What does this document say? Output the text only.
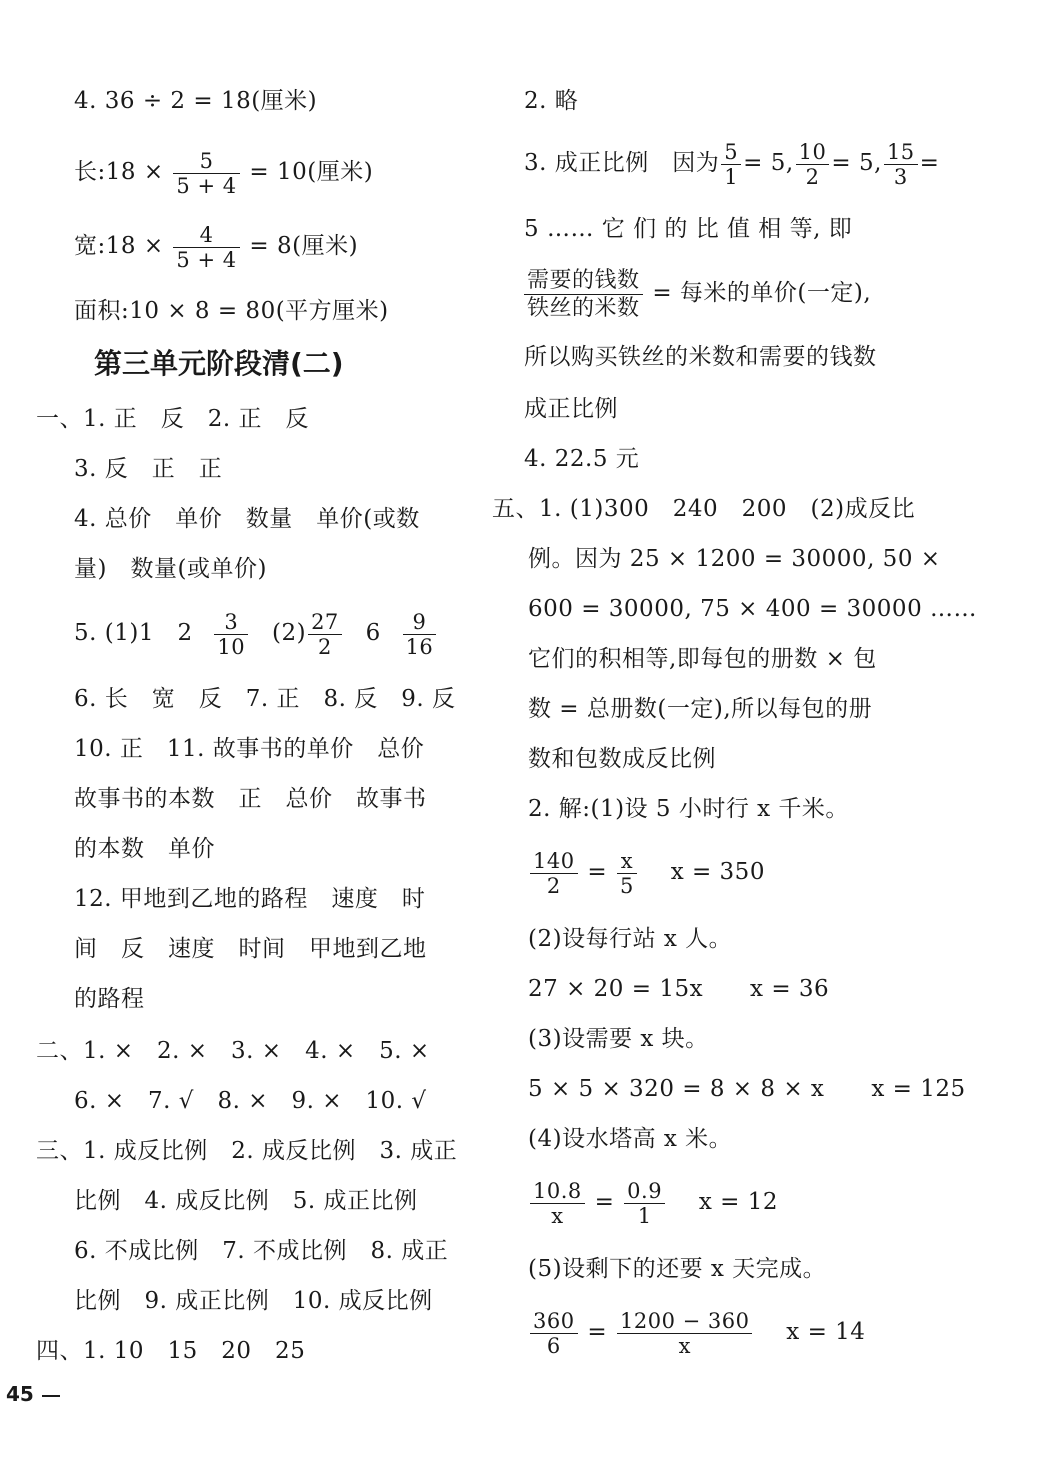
4. 36 ÷ 2 = 18(厘米)
长:18 × $\frac{5}{5 + 4} = 10$(厘米)
宽:18 × $\frac{4}{5 + 4} = 8$(厘米)
面积:10 × 8 = 80(平方厘米)
第三单元阶段清(二)
一、1. 正　反　2. 正　反
3. 反　正　正
4. 总价　单价　数量　单价(或数
量)　数量(或单价)
5. (1)1　$2 \frac{3}{10} (2) \frac{27}{2} 6 \frac{9}{16}$
6. 长　宽　反　7. 正　8. 反　9. 反
10. 正　11. 故事书的单价　总价
故事书的本数　正　总价　故事书
的本数　单价
12. 甲地到乙地的路程　速度　时
间　反　速度　时间　甲地到乙地
的路程
二、1. ×　2. ×　3. ×　4. ×　5. ×
6. ×　7. √　8. ×　9. ×　10. √
三、1. 成反比例　2. 成反比例　3. 成正
比例　4. 成反比例　5. 成正比例
6. 不成比例　7. 不成比例　8. 成正
比例　9. 成正比例　10. 成反比例
四、1. 10　15　20　25
45
2. 略
3. 成正比例　因为 $\frac{5}{1} = 5$, $\frac{10}{2} = 5$, $\frac{15}{3}$ =
5 …… 它 们 的 比 值 相 等, 即
$\frac{\text{需要的钱数}}{\text{铁丝的米数}}$ = 每米的单价(一定),
所以购买铁丝的米数和需要的钱数
成正比例
4. 22.5 元
五、1. (1)300　240　200　(2)成反比
例。因为 25 × 1200 = 30000, 50 ×
600 = 30000, 75 × 400 = 30000 ……
它们的积相等,即每包的册数 × 包
数 = 总册数(一定),所以每包的册
数和包数成反比例
2. 解:(1)设 5 小时行 x 千米。
$\frac{140}{2} = \frac{x}{5}$ x = 350
(2)设每行站 x 人。
27 × 20 = 15x　　x = 36
(3)设需要 x 块。
5 × 5 × 320 = 8 × 8 × x　　x = 125
(4)设水塔高 x 米。
$\frac{10.8}{x} = \frac{0.9}{1}$ x = 12
(5)设剩下的还要 x 天完成。
$\frac{360}{6} = \frac{1200 - 360}{x}$ x = 14
